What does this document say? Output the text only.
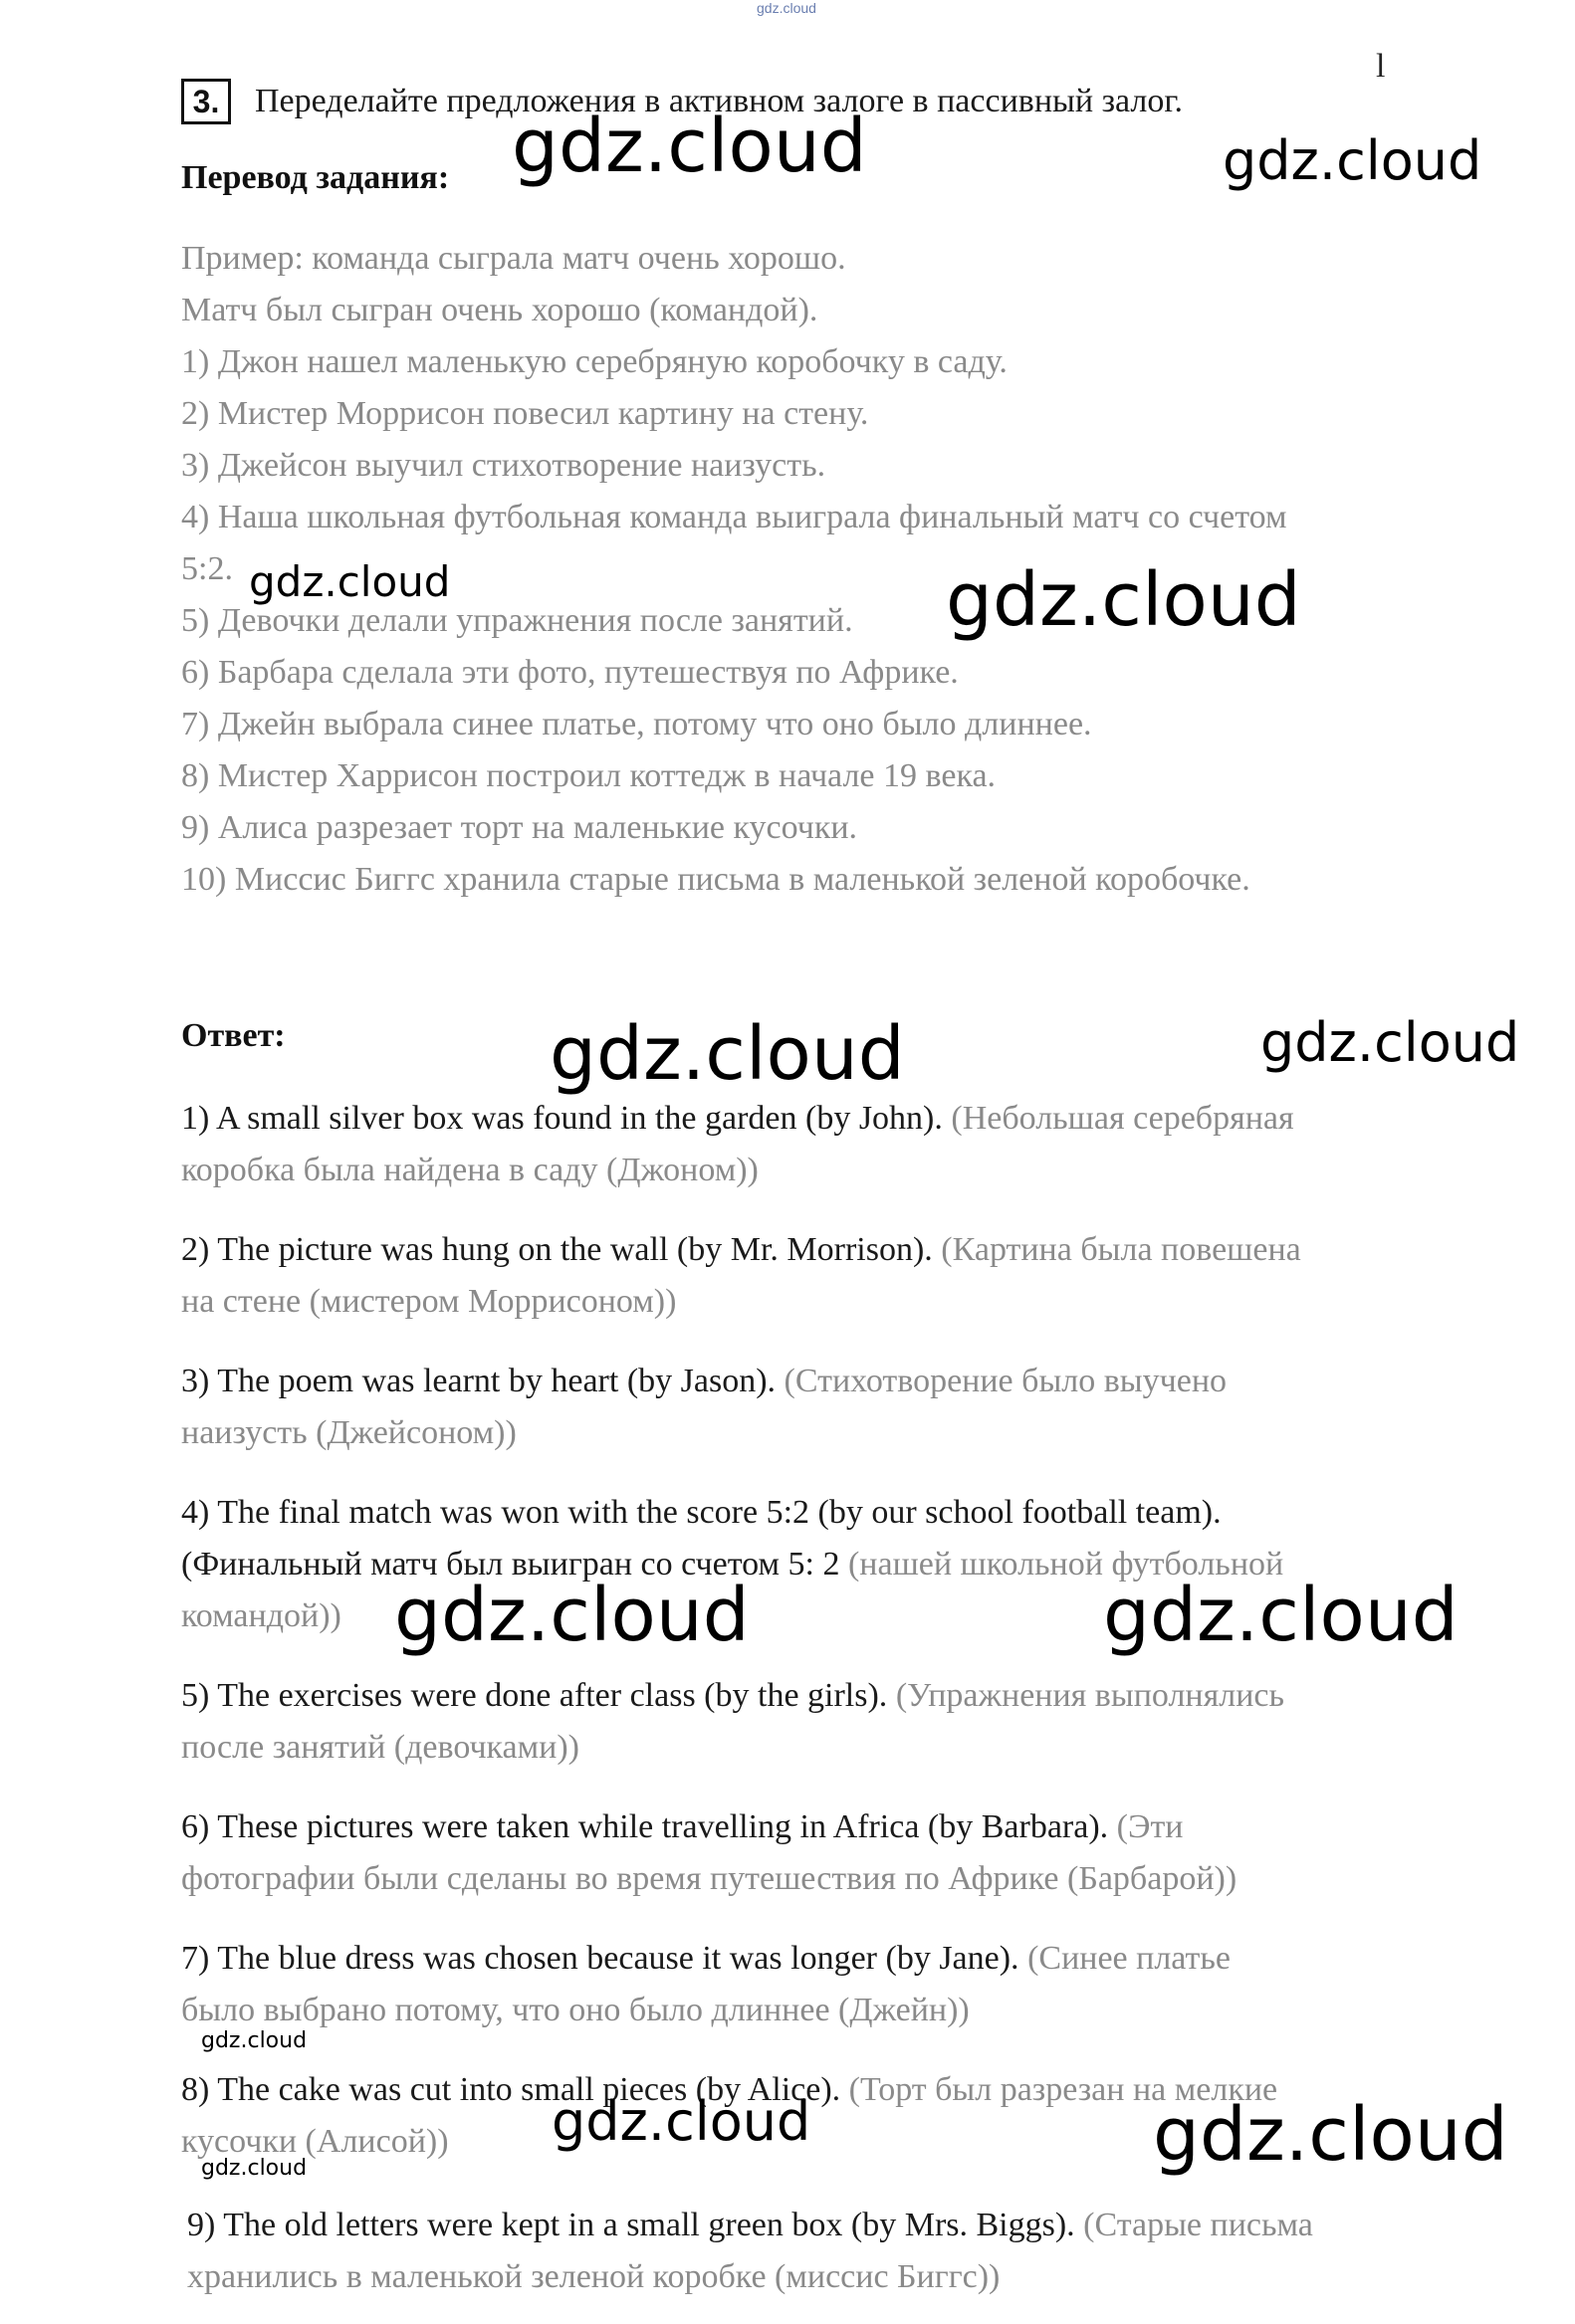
gdz.cloud
l
3.	Переделайте предложения в активном залоге в пассивный залог.
Перевод задания:
Пример: команда сыграла матч очень хорошо.
Матч был сыгран очень хорошо (командой).
1) Джон нашел маленькую серебряную коробочку в саду.
2) Мистер Моррисон повесил картину на стену.
3) Джейсон выучил стихотворение наизусть.
4) Наша школьная футбольная команда выиграла финальный матч со счетом
5:2.
5) Девочки делали упражнения после занятий.
6) Барбара сделала эти фото, путешествуя по Африке.
7) Джейн выбрала синее платье, потому что оно было длиннее.
8) Мистер Харрисон построил коттедж в начале 19 века.
9) Алиса разрезает торт на маленькие кусочки.
10) Миссис Биггс хранила старые письма в маленькой зеленой коробочке.
Ответ:
1) A small silver box was found in the garden (by John). (Небольшая серебряная
коробка была найдена в саду (Джоном))
2) The picture was hung on the wall (by Mr. Morrison). (Картина была повешена
на стене (мистером Моррисоном))
3) The poem was learnt by heart (by Jason). (Стихотворение было выучено
наизусть (Джейсоном))
4) The final match was won with the score 5:2 (by our school football team).
(Финальный матч был выигран со счетом 5: 2 (нашей школьной футбольной
командой))
5) The exercises were done after class (by the girls). (Упражнения выполнялись
после занятий (девочками))
6) These pictures were taken while travelling in Africa (by Barbara). (Эти
фотографии были сделаны во время путешествия по Африке (Барбарой))
7) The blue dress was chosen because it was longer (by Jane). (Синее платье
было выбрано потому, что оно было длиннее (Джейн))
8) The cake was cut into small pieces (by Alice). (Торт был разрезан на мелкие
кусочки (Алисой))
9) The old letters were kept in a small green box (by Mrs. Biggs). (Старые письма
хранились в маленькой зеленой коробке (миссис Биггс))
gdz.cloud	gdz.cloud
gdz.cloud	gdz.cloud
gdz.cloud	gdz.cloud
gdz.cloud	gdz.cloud
gdz.cloud
gdz.cloud	gdz.cloud
gdz.cloud
